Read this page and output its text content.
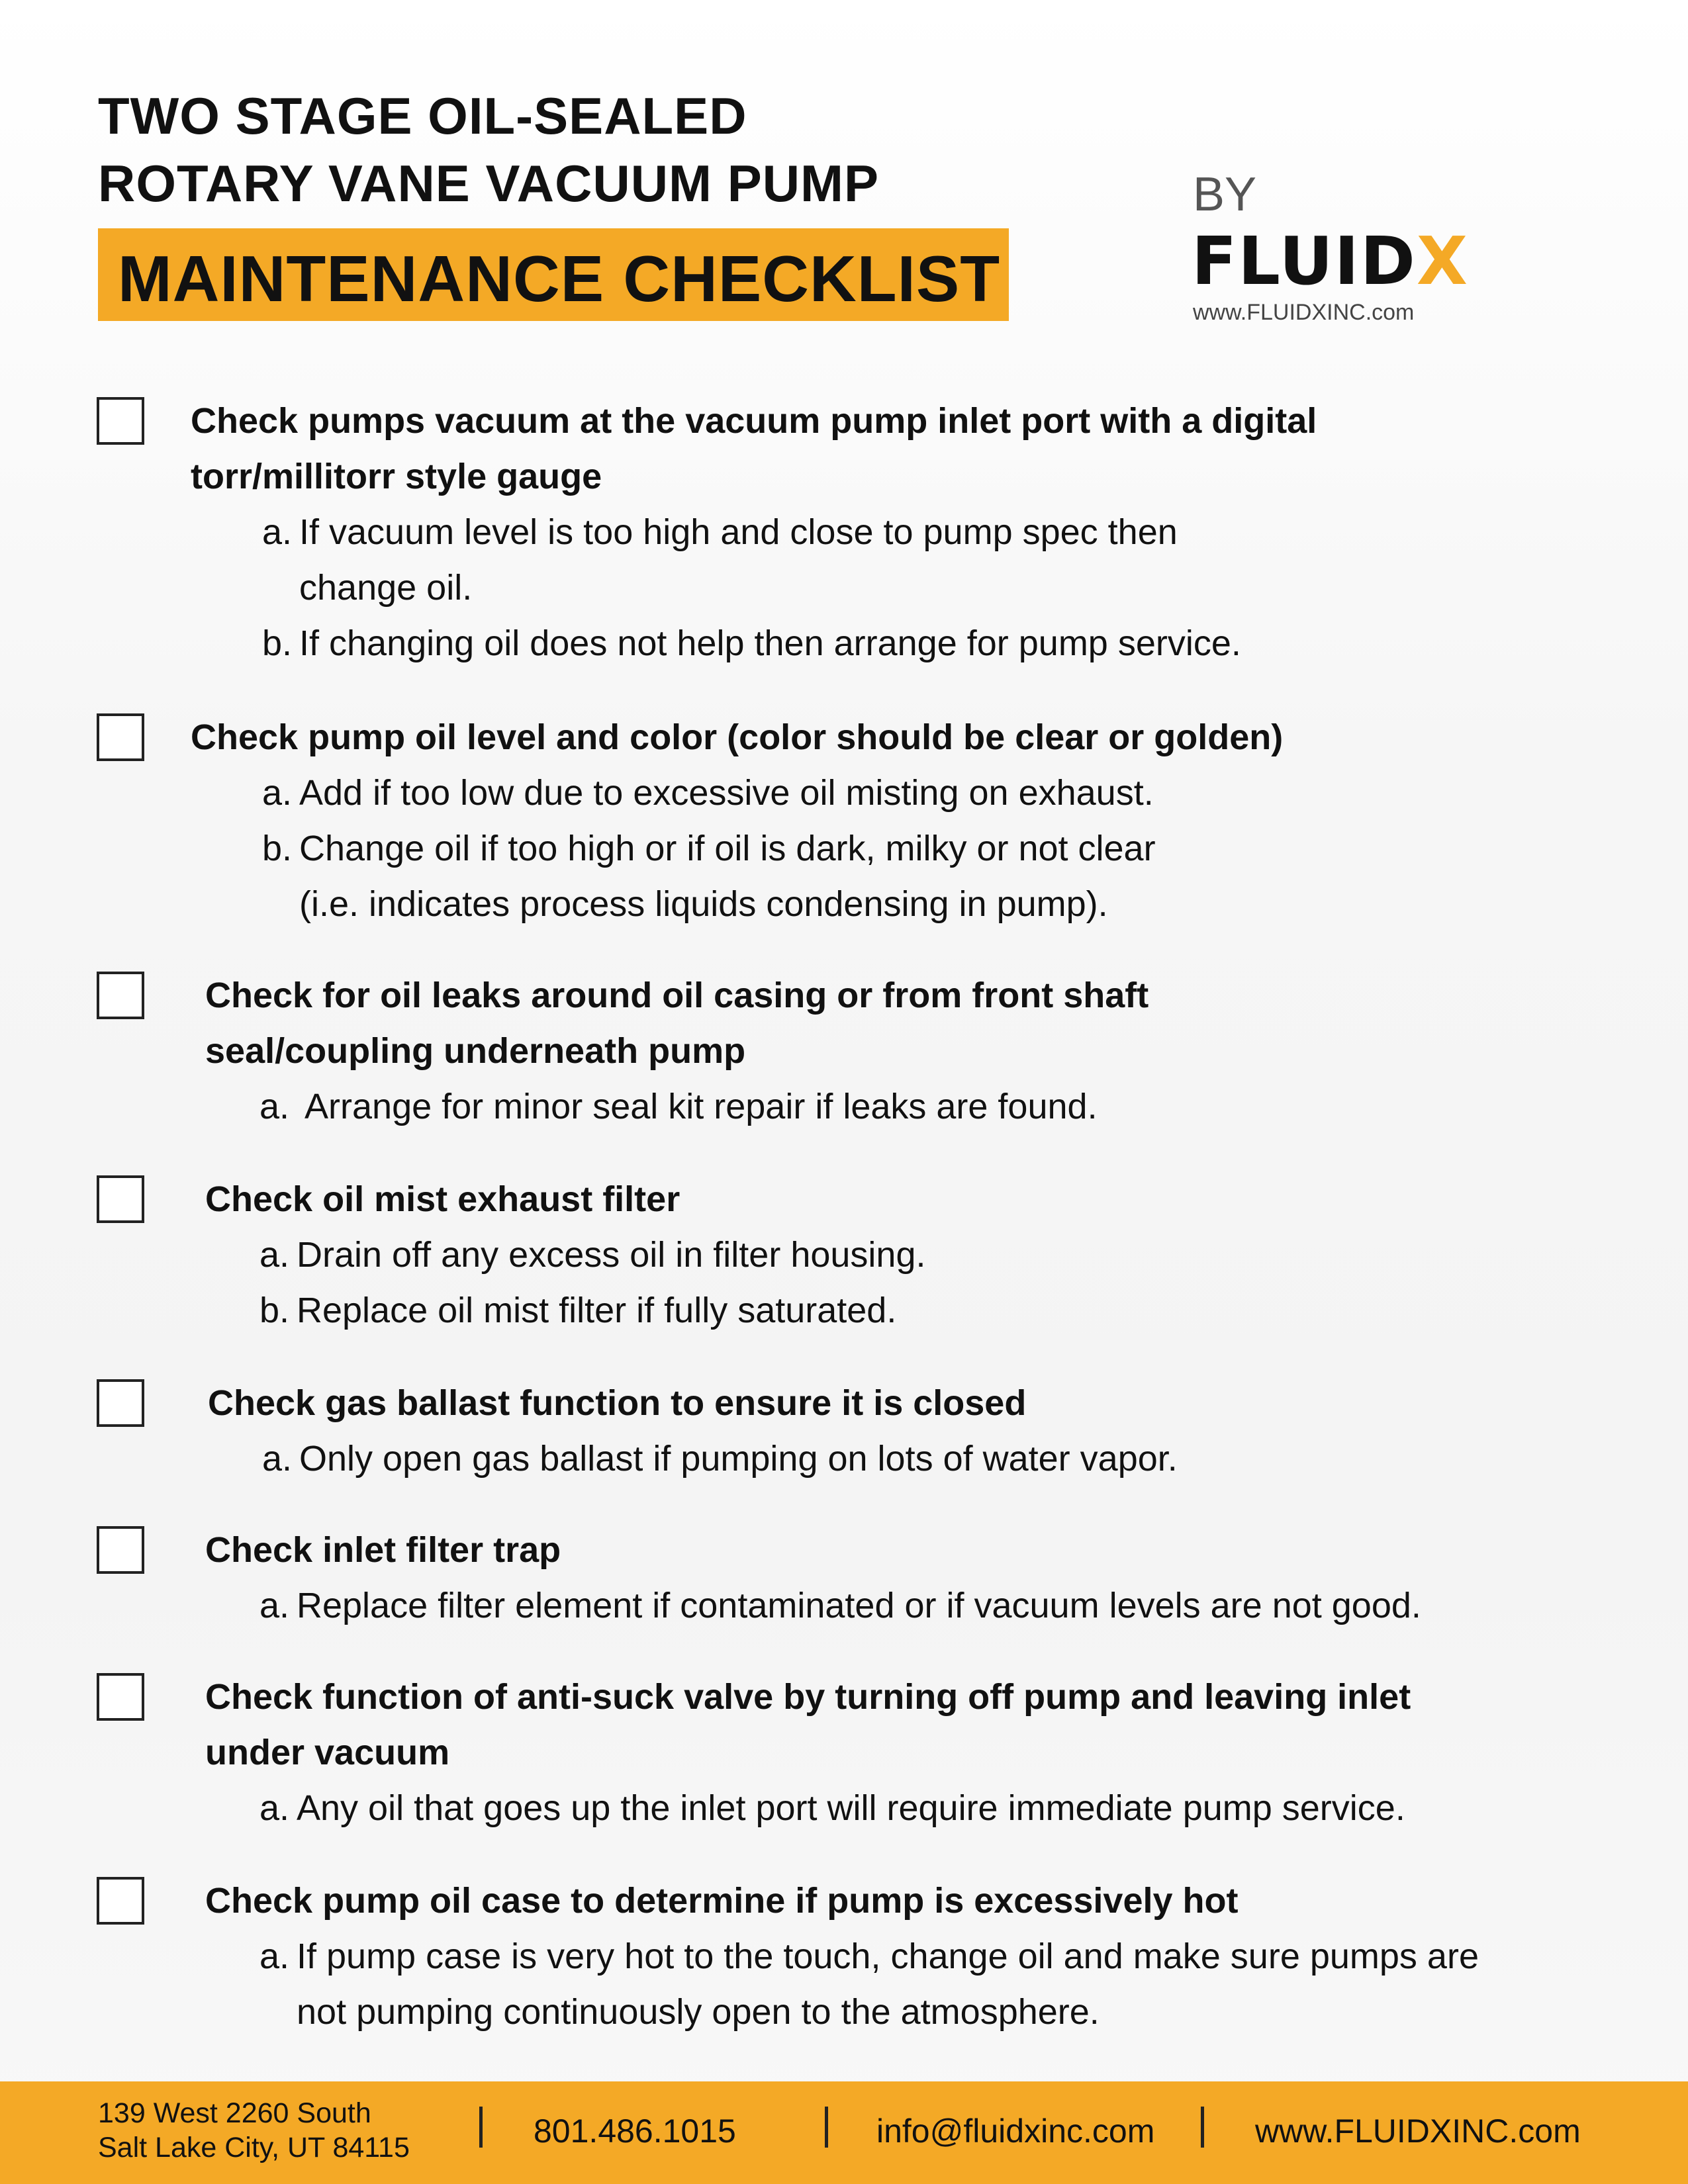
TWO STAGE OIL-SEALED
ROTARY VANE VACUUM PUMP
MAINTENANCE CHECKLIST
BY
FLUIDX
www.FLUIDXINC.com
Check pumps vacuum at the vacuum pump inlet port with a digital
torr/millitorr style gauge
a. If vacuum level is too high and close to pump spec then
change oil.
b. If changing oil does not help then arrange for pump service.
Check pump oil level and color (color should be clear or golden)
a. Add if too low due to excessive oil misting on exhaust.
b. Change oil if too high or if oil is dark, milky or not clear
(i.e. indicates process liquids condensing in pump).
Check for oil leaks around oil casing or from front shaft
seal/coupling underneath pump
a. Arrange for minor seal kit repair if leaks are found.
Check oil mist exhaust filter
a. Drain off any excess oil in filter housing.
b. Replace oil mist filter if fully saturated.
Check gas ballast function to ensure it is closed
a. Only open gas ballast if pumping on lots of water vapor.
Check inlet filter trap
a. Replace filter element if contaminated or if vacuum levels are not good.
Check function of anti-suck valve by turning off pump and leaving inlet
under vacuum
a. Any oil that goes up the inlet port will require immediate pump service.
Check pump oil case to determine if pump is excessively hot
a. If pump case is very hot to the touch, change oil and make sure pumps are
not pumping continuously open to the atmosphere.
139 West 2260 South
Salt Lake City, UT 84115	801.486.1015	info@fluidxinc.com	www.FLUIDXINC.com
